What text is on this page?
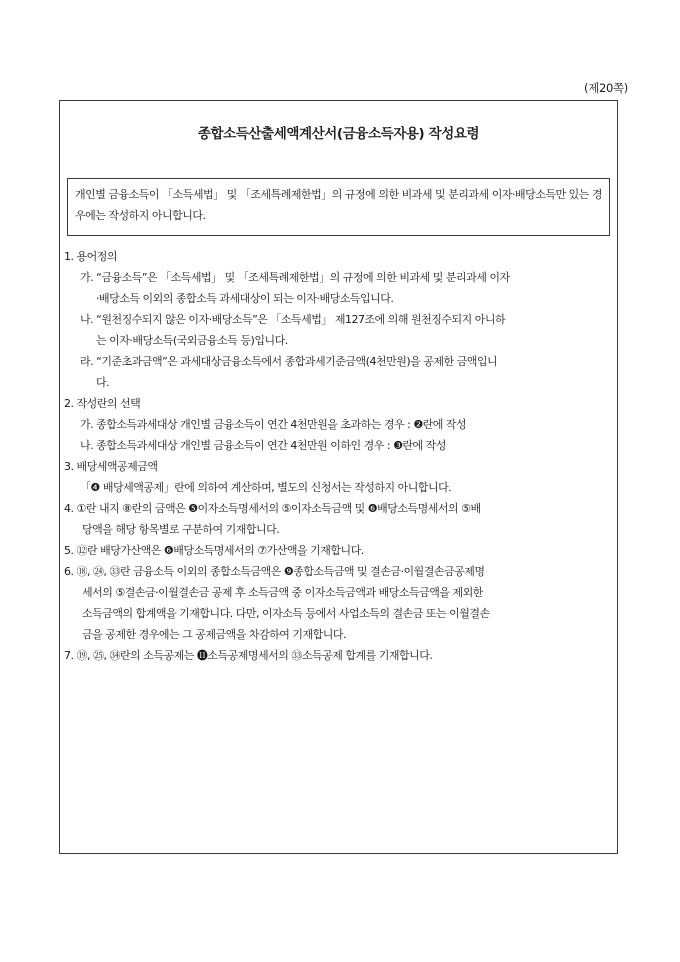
(제20쪽)
종합소득산출세액계산서(금융소득자용) 작성요령
개인별 금융소득이 「소득세법」 및 「조세특례제한법」의 규정에 의한 비과세 및 분리과세 이자·배당소득만 있는 경우에는 작성하지 아니합니다.
1. 용어정의
가. “금융소득”은 「소득세법」 및 「조세특례제한법」의 규정에 의한 비과세 및 분리과세 이자
·배당소득 이외의 종합소득 과세대상이 되는 이자·배당소득입니다.
나. “원천징수되지 않은 이자·배당소득”은 「소득세법」 제127조에 의해 원천징수되지 아니하
는 이자·배당소득(국외금융소득 등)입니다.
라. “기준초과금액”은 과세대상금융소득에서 종합과세기준금액(4천만원)을 공제한 금액입니
다.
2. 작성란의 선택
가. 종합소득과세대상 개인별 금융소득이 연간 4천만원을 초과하는 경우 : ❷란에 작성
나. 종합소득과세대상 개인별 금융소득이 연간 4천만원 이하인 경우 : ❸란에 작성
3. 배당세액공제금액
「❹ 배당세액공제」란에 의하여 계산하며, 별도의 신청서는 작성하지 아니합니다.
4. ①란 내지 ⑧란의 금액은 ❺이자소득명세서의 ⑤이자소득금액 및 ❻배당소득명세서의 ⑤배
당액을 해당 항목별로 구분하여 기재합니다.
5. ⑫란 배당가산액은 ❻배당소득명세서의 ⑦가산액을 기재합니다.
6. ⑱, ㉔, ㉝란 금융소득 이외의 종합소득금액은 ❾종합소득금액 및 결손금·이월결손금공제명
세서의 ⑤결손금·이월결손금 공제 후 소득금액 중 이자소득금액과 배당소득금액을 제외한
소득금액의 합계액을 기재합니다. 다만, 이자소득 등에서 사업소득의 결손금 또는 이월결손
금을 공제한 경우에는 그 공제금액을 차감하여 기재합니다.
7. ⑲, ㉕, ㉞란의 소득공제는 ⓫소득공제명세서의 ㉝소득공제 합계를 기재합니다.
